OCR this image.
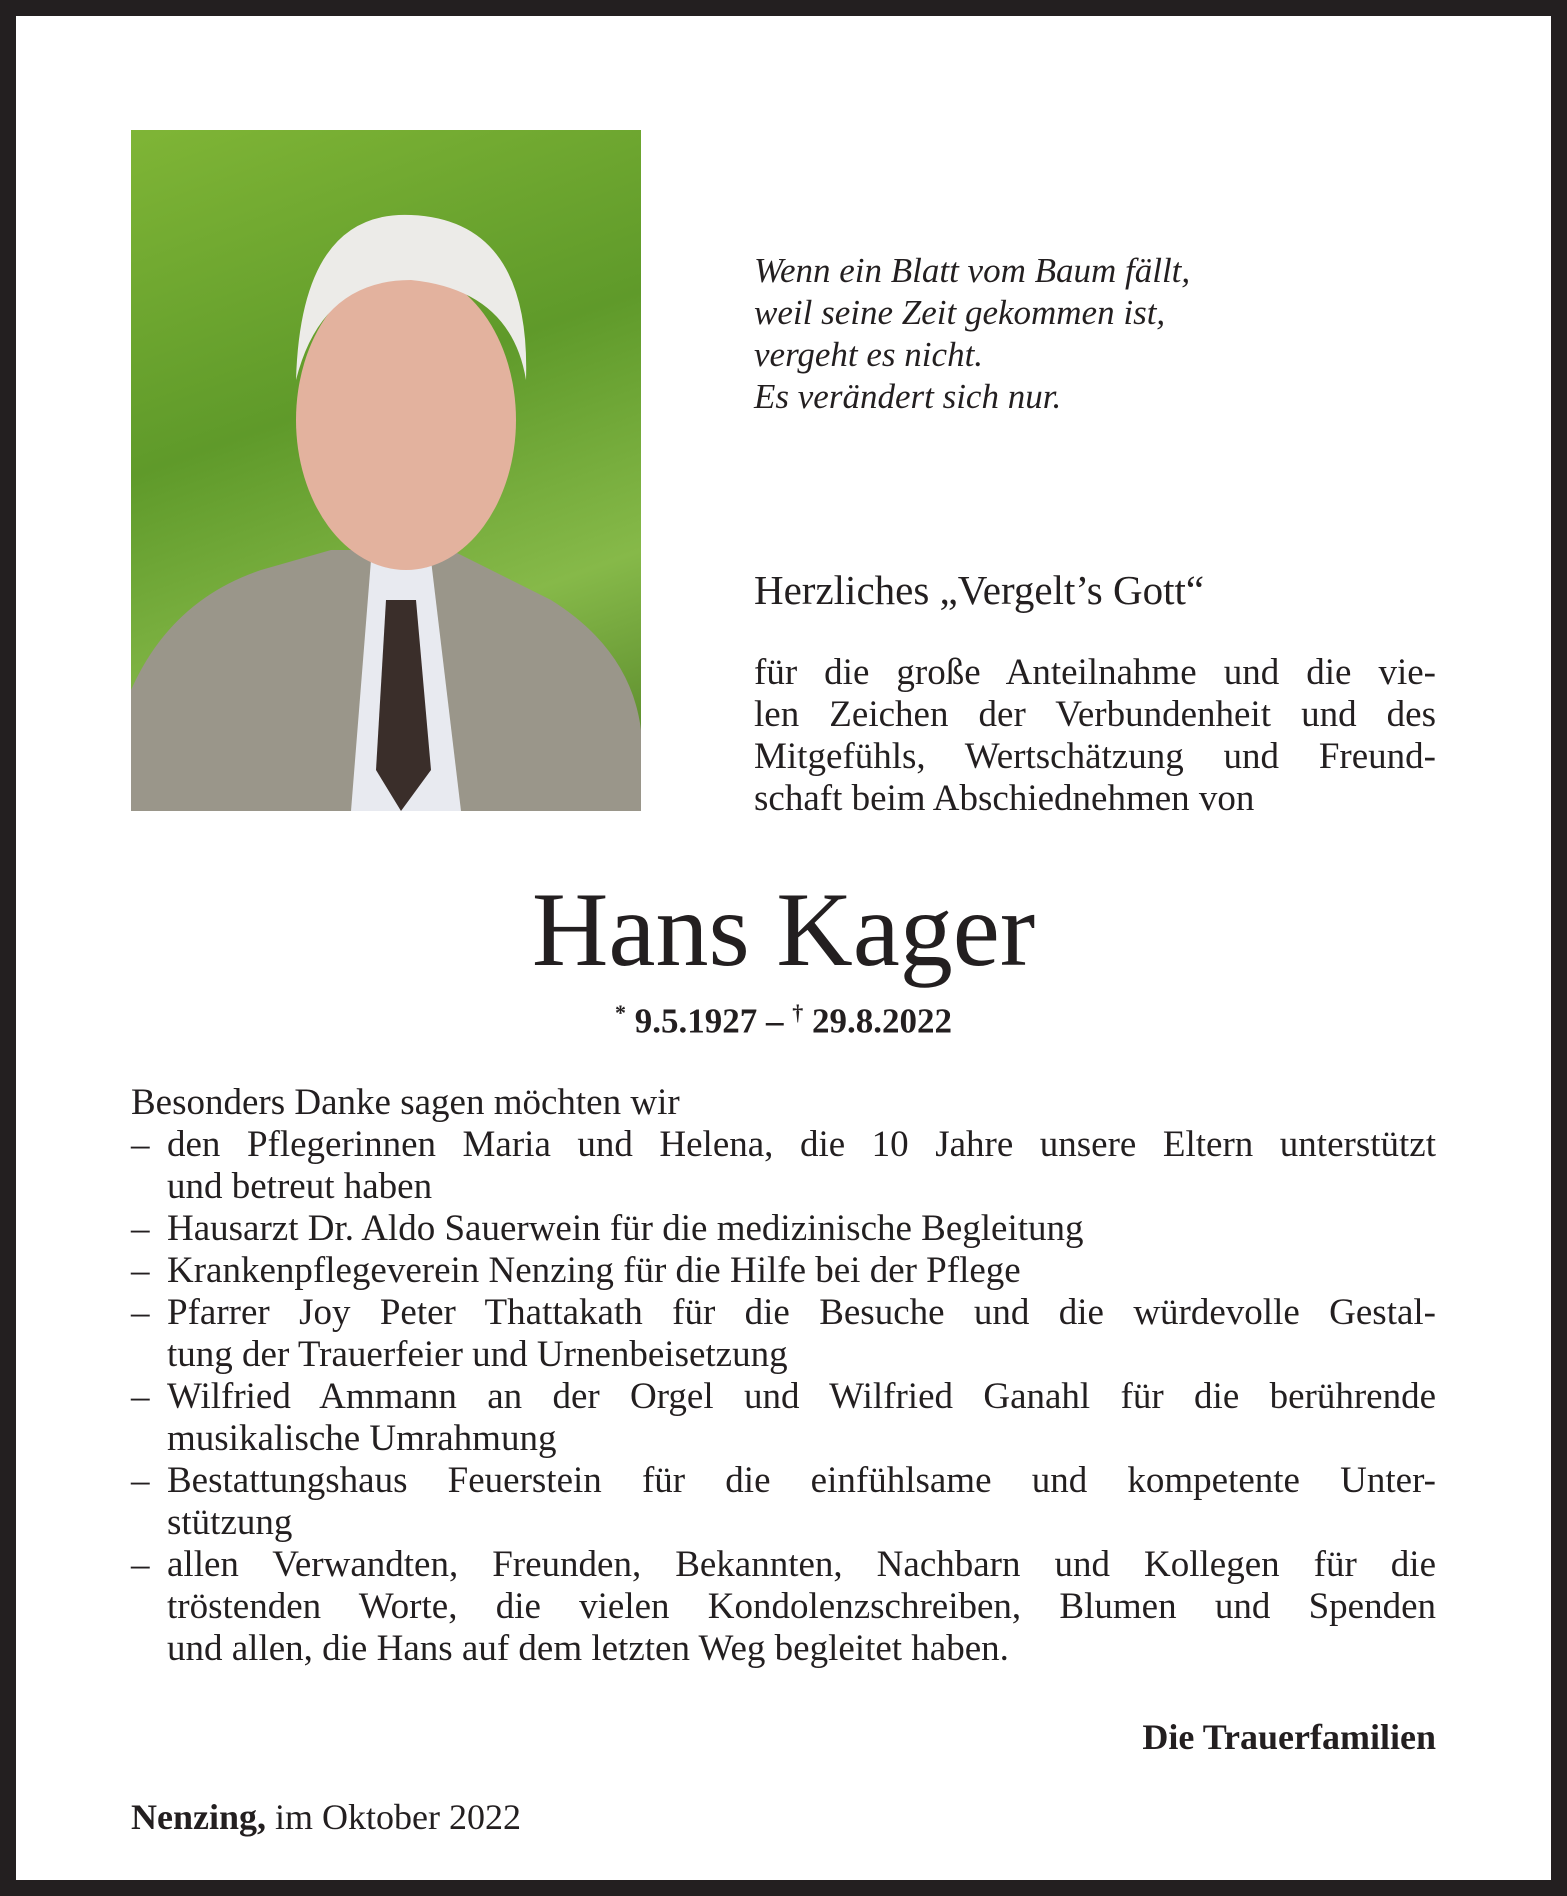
Wenn ein Blatt vom Baum fällt,
weil seine Zeit gekommen ist,
vergeht es nicht.
Es verändert sich nur.
Herzliches „Vergelt’s Gott“
für die große Anteilnahme und die vie-
len Zeichen der Verbundenheit und des
Mitgefühls, Wertschätzung und Freund-
schaft beim Abschiednehmen von
Hans Kager
* 9.5.1927 – † 29.8.2022
Besonders Danke sagen möchten wir
– den Pflegerinnen Maria und Helena, die 10 Jahre unsere Eltern unterstützt
und betreut haben
– Hausarzt Dr. Aldo Sauerwein für die medizinische Begleitung
– Krankenpflegeverein Nenzing für die Hilfe bei der Pflege
– Pfarrer Joy Peter Thattakath für die Besuche und die würdevolle Gestal-
tung der Trauerfeier und Urnenbeisetzung
– Wilfried Ammann an der Orgel und Wilfried Ganahl für die berührende
musikalische Umrahmung
– Bestattungshaus Feuerstein für die einfühlsame und kompetente Unter-
stützung
– allen Verwandten, Freunden, Bekannten, Nachbarn und Kollegen für die
tröstenden Worte, die vielen Kondolenzschreiben, Blumen und Spenden
und allen, die Hans auf dem letzten Weg begleitet haben.
Die Trauerfamilien
Nenzing, im Oktober 2022
